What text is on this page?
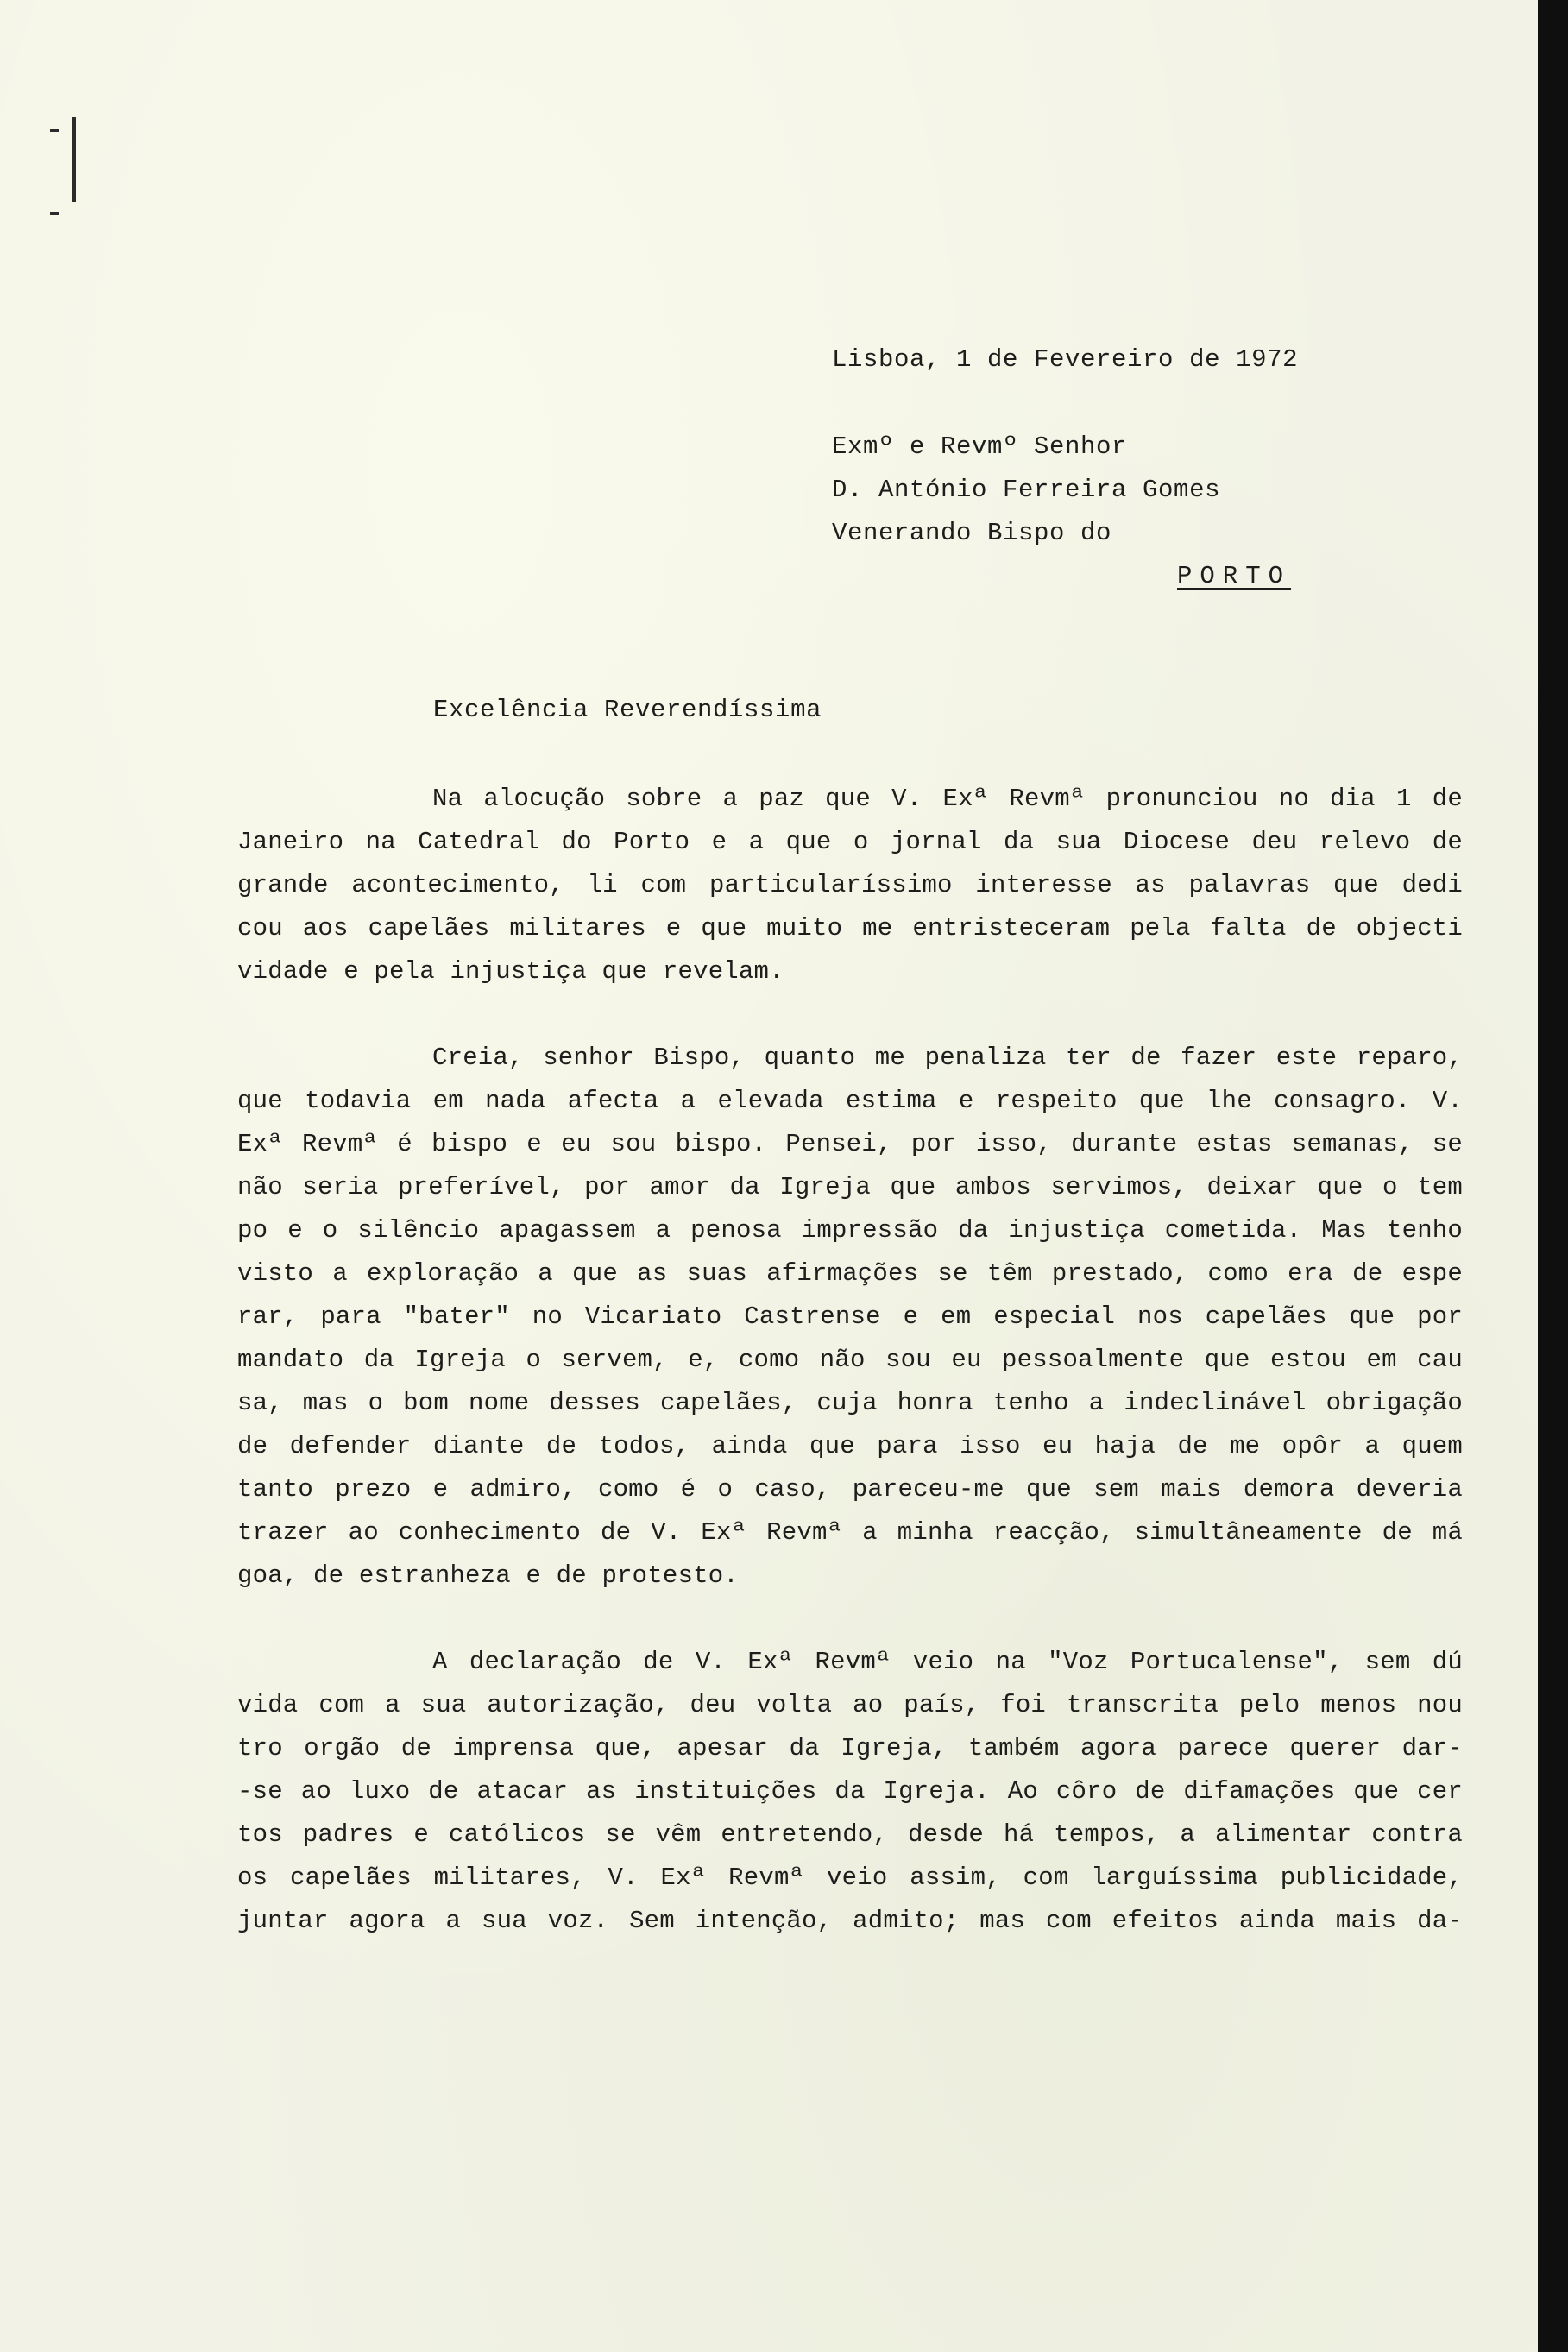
Lisboa, 1 de Fevereiro de 1972

Exmº e Revmº Senhor

D. António Ferreira Gomes

Venerando Bispo do

PORTO

Excelência Reverendíssima

Na alocução sobre a paz que V. Exª Revmª pronunciou no dia 1 de
Janeiro na Catedral do Porto e a que o jornal da sua Diocese deu relevo de
grande acontecimento, li com particularíssimo interesse as palavras que dedi
cou aos capelães militares e que muito me entristeceram pela falta de objecti
vidade e pela injustiça que revelam.
Creia, senhor Bispo, quanto me penaliza ter de fazer este reparo,
que todavia em nada afecta a elevada estima e respeito que lhe consagro. V.
Exª Revmª é bispo e eu sou bispo. Pensei, por isso, durante estas semanas, se
não seria preferível, por amor da Igreja que ambos servimos, deixar que o tem
po e o silêncio apagassem a penosa impressão da injustiça cometida. Mas tenho
visto a exploração a que as suas afirmações se têm prestado, como era de espe
rar, para "bater" no Vicariato Castrense e em especial nos capelães que por
mandato da Igreja o servem, e, como não sou eu pessoalmente que estou em cau
sa, mas o bom nome desses capelães, cuja honra tenho a indeclinável obrigação
de defender diante de todos, ainda que para isso eu haja de me opôr a quem
tanto prezo e admiro, como é o caso, pareceu-me que sem mais demora deveria
trazer ao conhecimento de V. Exª Revmª a minha reacção, simultâneamente de má
goa, de estranheza e de protesto.
A declaração de V. Exª Revmª veio na "Voz Portucalense", sem dú
vida com a sua autorização, deu volta ao país, foi transcrita pelo menos nou
tro orgão de imprensa que, apesar da Igreja, também agora parece querer dar-
-se ao luxo de atacar as instituições da Igreja. Ao côro de difamações que cer
tos padres e católicos se vêm entretendo, desde há tempos, a alimentar contra
os capelães militares, V. Exª Revmª veio assim, com larguíssima publicidade,
juntar agora a sua voz. Sem intenção, admito; mas com efeitos ainda mais da-
